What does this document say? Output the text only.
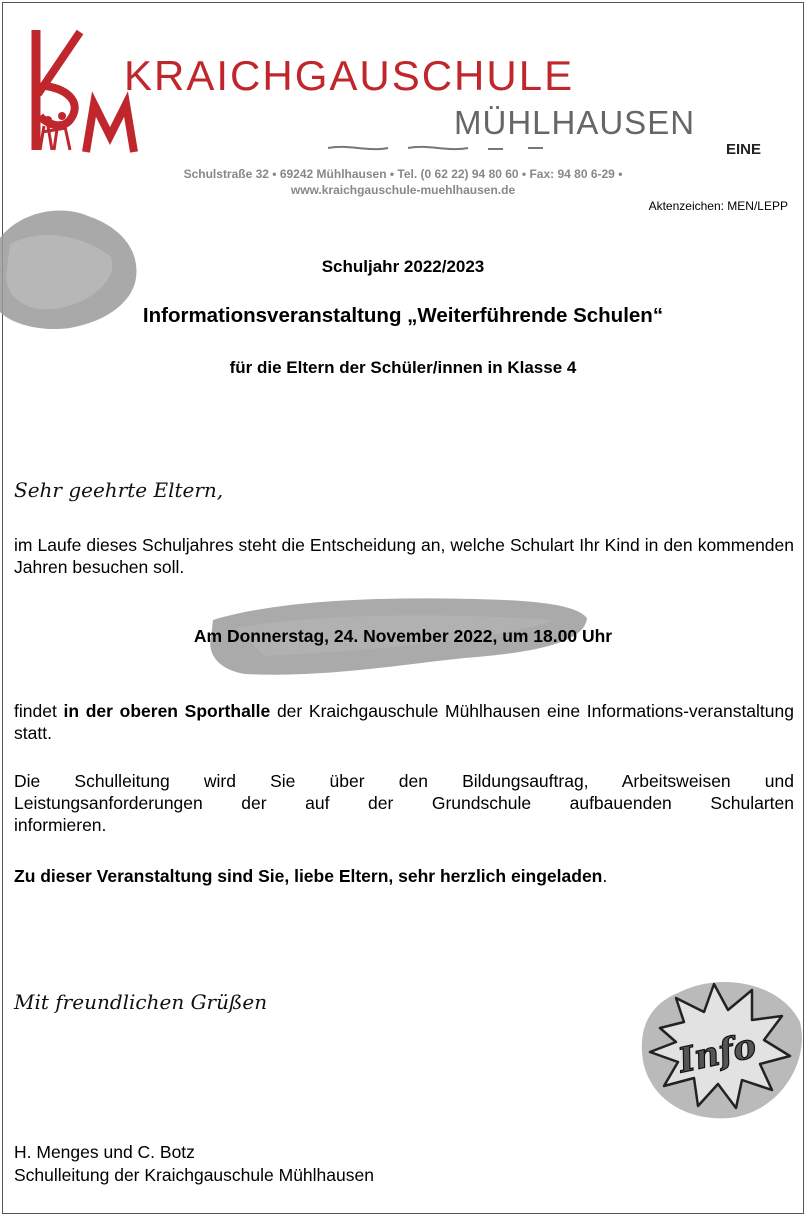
KRAICHGAUSCHULE
MÜHLHAUSEN
EINE
Schulstraße 32 • 69242 Mühlhausen • Tel. (0 62 22) 94 80 60 • Fax: 94 80 6-29 •
www.kraichgauschule-muehlhausen.de
Aktenzeichen: MEN/LEPP
Schuljahr 2022/2023
Informationsveranstaltung „Weiterführende Schulen“
für die Eltern der Schüler/innen in Klasse 4
Sehr geehrte Eltern,

im Laufe dieses Schuljahres steht die Entscheidung an, welche Schulart Ihr Kind in den kommenden Jahren besuchen soll.

Am Donnerstag, 24. November 2022, um 18.00 Uhr

findet in der oberen Sporthalle der Kraichgauschule Mühlhausen eine Informations-veranstaltung statt.

Die Schulleitung wird Sie über den Bildungsauftrag, Arbeitsweisen und
Leistungsanforderungen der auf der Grundschule aufbauenden Schularten
informieren.

Zu dieser Veranstaltung sind Sie, liebe Eltern, sehr herzlich eingeladen.

Mit freundlichen Grüßen
Info
H. Menges und C. Botz
Schulleitung der Kraichgauschule Mühlhausen
